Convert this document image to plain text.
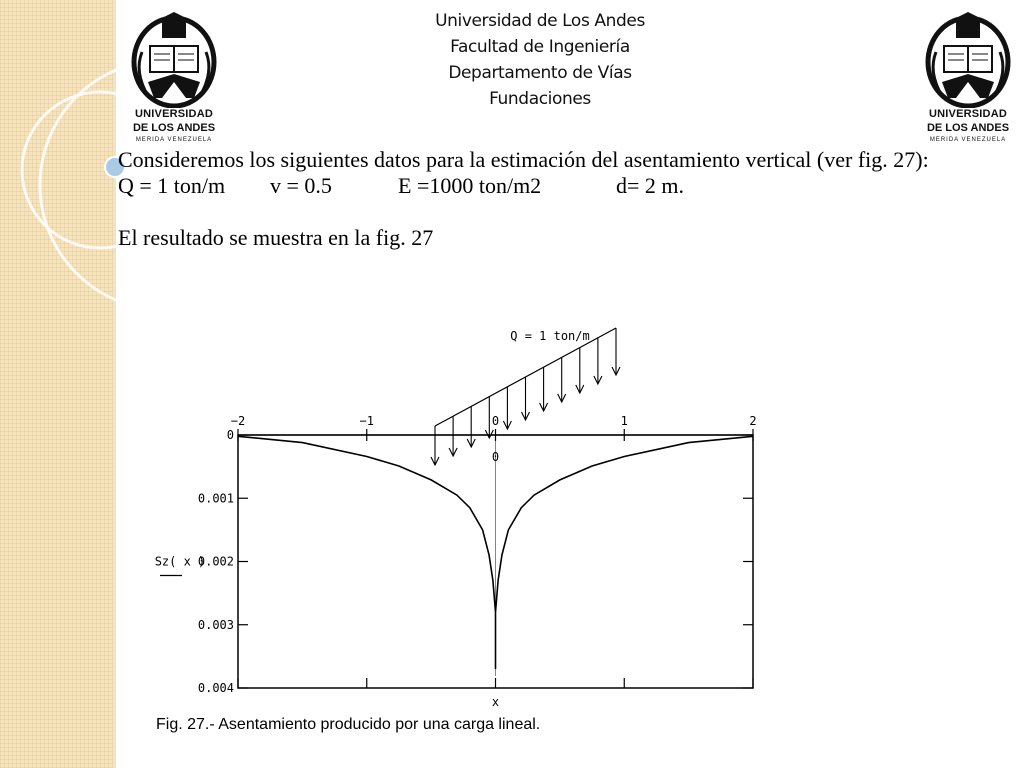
UNIVERSIDAD
DE LOS ANDES
MERIDA VENEZUELA
UNIVERSIDAD
DE LOS ANDES
MERIDA VENEZUELA
Universidad de Los Andes
Facultad de Ingeniería
Departamento de Vías
Fundaciones

Consideremos los siguientes datos para la estimación del asentamiento vertical (ver fig. 27):

Q = 1 ton/m v = 0.5	E =1000 ton/m2	d= 2 m.

El resultado se muestra en la fig. 27

−2	−1	0	1	2
0
0
0.001
0.002
0.003
0.004
x
Sz( x )
Q = 1 ton/m
Fig. 27.- Asentamiento producido por una carga lineal.
